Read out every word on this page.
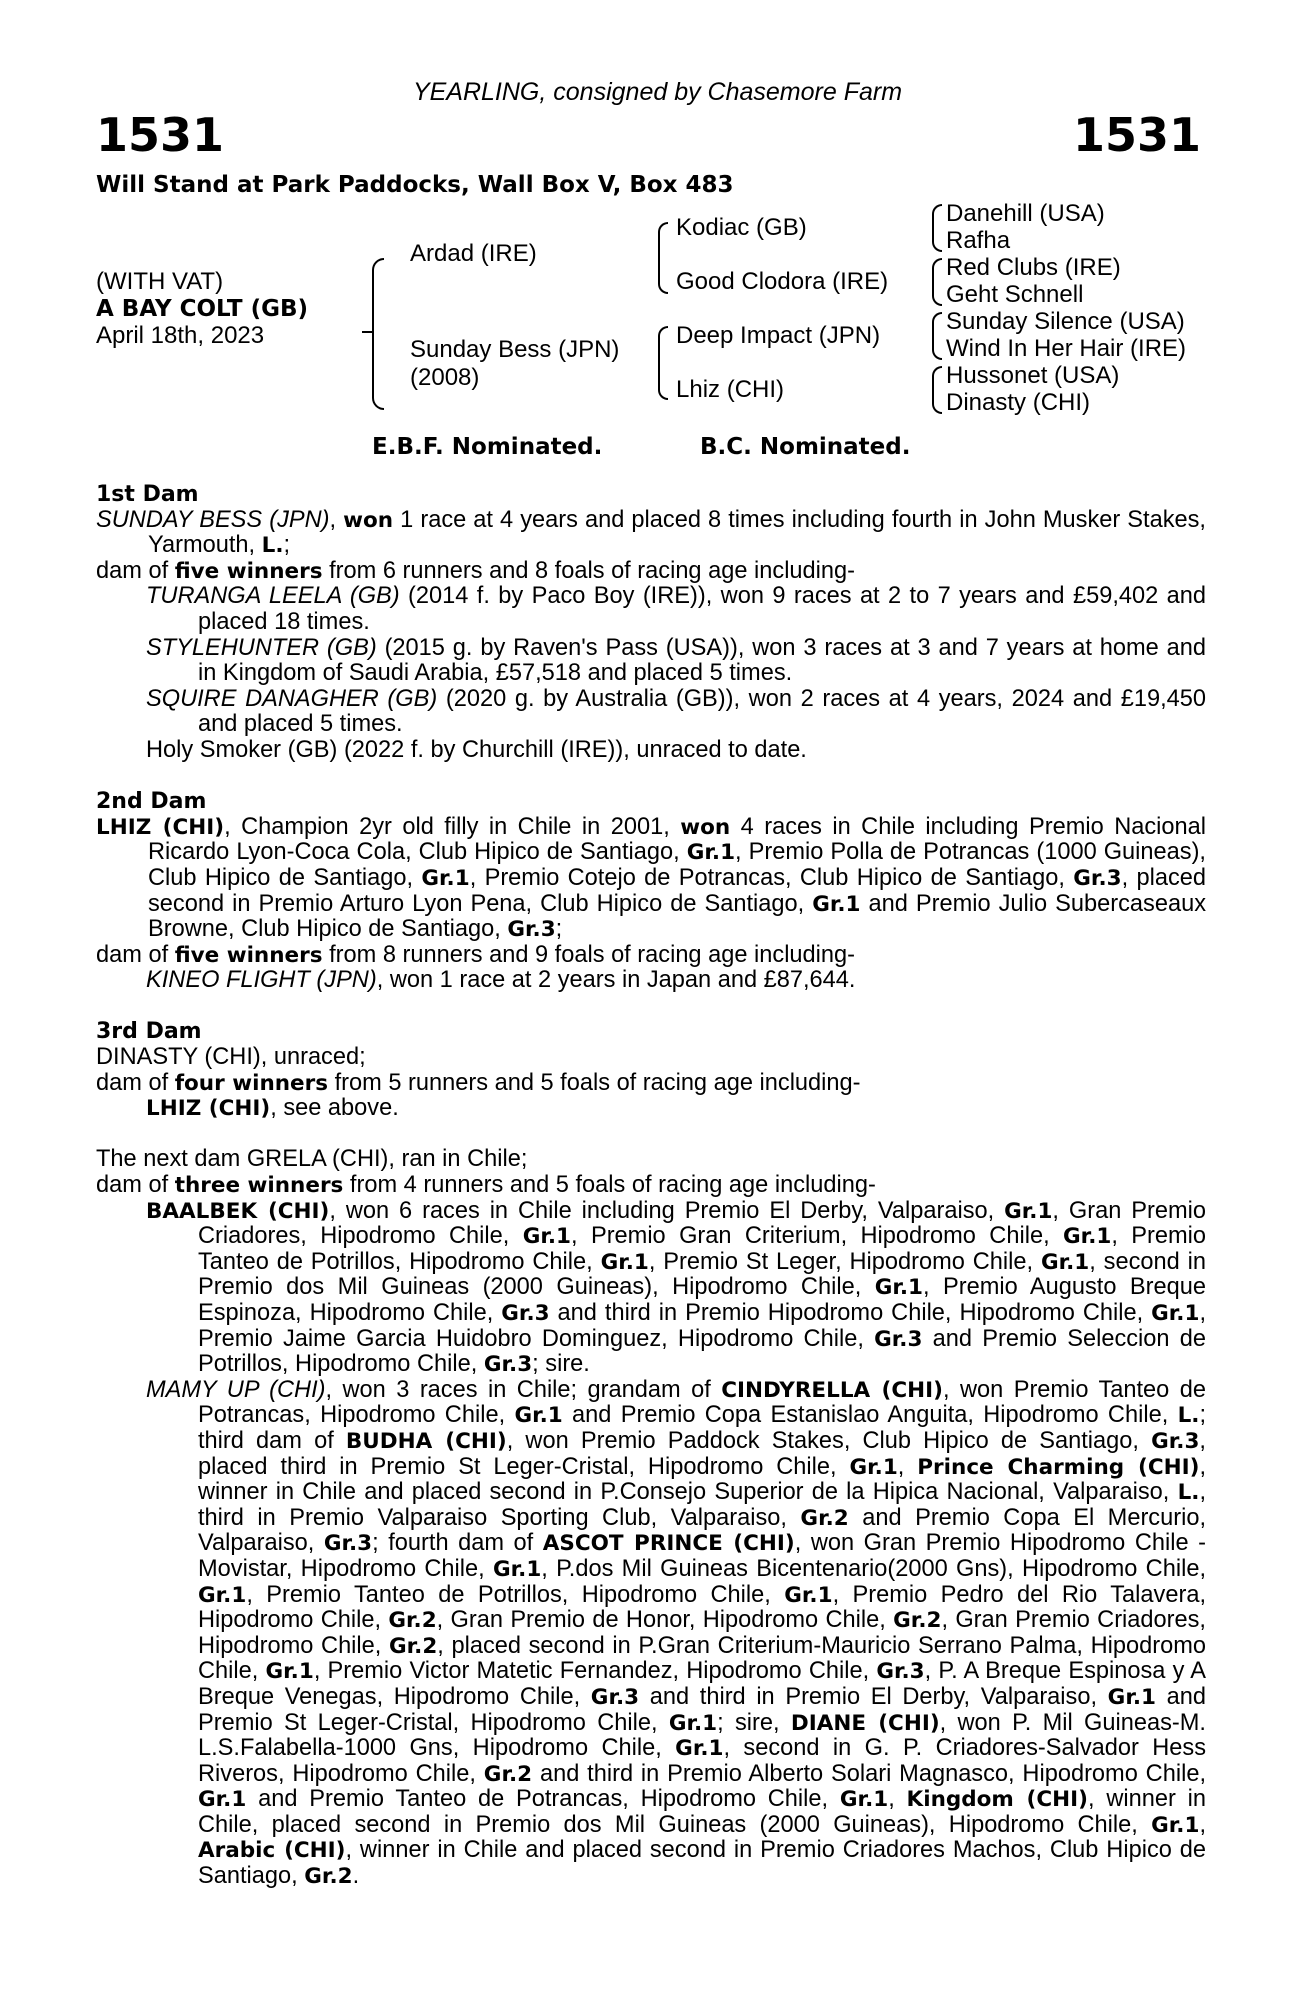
YEARLING, consigned by Chasemore Farm
1531	1531
Will Stand at Park Paddocks, Wall Box V, Box 483
(WITH VAT)
A BAY COLT (GB)
April 18th, 2023
Ardad (IRE)
Sunday Bess (JPN)
(2008)
Kodiac (GB)
Good Clodora (IRE)
Deep Impact (JPN)
Lhiz (CHI)
Danehill (USA)
Rafha
Red Clubs (IRE)
Geht Schnell
Sunday Silence (USA)
Wind In Her Hair (IRE)
Hussonet (USA)
Dinasty (CHI)
E.B.F. Nominated.	B.C. Nominated.

1st Dam

SUNDAY BESS (JPN), won 1 race at 4 years and placed 8 times including fourth in John Musker Stakes, Yarmouth, L.;

dam of five winners from 6 runners and 8 foals of racing age including-

TURANGA LEELA (GB) (2014 f. by Paco Boy (IRE)), won 9 races at 2 to 7 years and £59,402 and placed 18 times.

STYLEHUNTER (GB) (2015 g. by Raven's Pass (USA)), won 3 races at 3 and 7 years at home and in Kingdom of Saudi Arabia, £57,518 and placed 5 times.

SQUIRE DANAGHER (GB) (2020 g. by Australia (GB)), won 2 races at 4 years, 2024 and £19,450 and placed 5 times.

Holy Smoker (GB) (2022 f. by Churchill (IRE)), unraced to date.

2nd Dam

LHIZ (CHI), Champion 2yr old filly in Chile in 2001, won 4 races in Chile including Premio Nacional Ricardo Lyon-Coca Cola, Club Hipico de Santiago, Gr.1, Premio Polla de Potrancas (1000 Guineas), Club Hipico de Santiago, Gr.1, Premio Cotejo de Potrancas, Club Hipico de Santiago, Gr.3, placed second in Premio Arturo Lyon Pena, Club Hipico de Santiago, Gr.1 and Premio Julio Subercaseaux Browne, Club Hipico de Santiago, Gr.3;

dam of five winners from 8 runners and 9 foals of racing age including-

KINEO FLIGHT (JPN), won 1 race at 2 years in Japan and £87,644.

3rd Dam

DINASTY (CHI), unraced;

dam of four winners from 5 runners and 5 foals of racing age including-

LHIZ (CHI), see above.

The next dam GRELA (CHI), ran in Chile;

dam of three winners from 4 runners and 5 foals of racing age including-

BAALBEK (CHI), won 6 races in Chile including Premio El Derby, Valparaiso, Gr.1, Gran Premio Criadores, Hipodromo Chile, Gr.1, Premio Gran Criterium, Hipodromo Chile, Gr.1, Premio Tanteo de Potrillos, Hipodromo Chile, Gr.1, Premio St Leger, Hipodromo Chile, Gr.1, second in Premio dos Mil Guineas (2000 Guineas), Hipodromo Chile, Gr.1, Premio Augusto Breque Espinoza, Hipodromo Chile, Gr.3 and third in Premio Hipodromo Chile, Hipodromo Chile, Gr.1, Premio Jaime Garcia Huidobro Dominguez, Hipodromo Chile, Gr.3 and Premio Seleccion de Potrillos, Hipodromo Chile, Gr.3; sire.

MAMY UP (CHI), won 3 races in Chile; grandam of CINDYRELLA (CHI), won Premio Tanteo de Potrancas, Hipodromo Chile, Gr.1 and Premio Copa Estanislao Anguita, Hipodromo Chile, L.; third dam of BUDHA (CHI), won Premio Paddock Stakes, Club Hipico de Santiago, Gr.3, placed third in Premio St Leger-Cristal, Hipodromo Chile, Gr.1, Prince Charming (CHI), winner in Chile and placed second in P.Consejo Superior de la Hipica Nacional, Valparaiso, L., third in Premio Valparaiso Sporting Club, Valparaiso, Gr.2 and Premio Copa El Mercurio, Valparaiso, Gr.3; fourth dam of ASCOT PRINCE (CHI), won Gran Premio Hipodromo Chile - Movistar, Hipodromo Chile, Gr.1, P.dos Mil Guineas Bicentenario(2000 Gns), Hipodromo Chile, Gr.1, Premio Tanteo de Potrillos, Hipodromo Chile, Gr.1, Premio Pedro del Rio Talavera, Hipodromo Chile, Gr.2, Gran Premio de Honor, Hipodromo Chile, Gr.2, Gran Premio Criadores, Hipodromo Chile, Gr.2, placed second in P.Gran Criterium-Mauricio Serrano Palma, Hipodromo Chile, Gr.1, Premio Victor Matetic Fernandez, Hipodromo Chile, Gr.3, P. A Breque Espinosa y A Breque Venegas, Hipodromo Chile, Gr.3 and third in Premio El Derby, Valparaiso, Gr.1 and Premio St Leger-Cristal, Hipodromo Chile, Gr.1; sire, DIANE (CHI), won P. Mil Guineas-M. L.S.Falabella-1000 Gns, Hipodromo Chile, Gr.1, second in G. P. Criadores-Salvador Hess Riveros, Hipodromo Chile, Gr.2 and third in Premio Alberto Solari Magnasco, Hipodromo Chile, Gr.1 and Premio Tanteo de Potrancas, Hipodromo Chile, Gr.1, Kingdom (CHI), winner in Chile, placed second in Premio dos Mil Guineas (2000 Guineas), Hipodromo Chile, Gr.1, Arabic (CHI), winner in Chile and placed second in Premio Criadores Machos, Club Hipico de Santiago, Gr.2.
